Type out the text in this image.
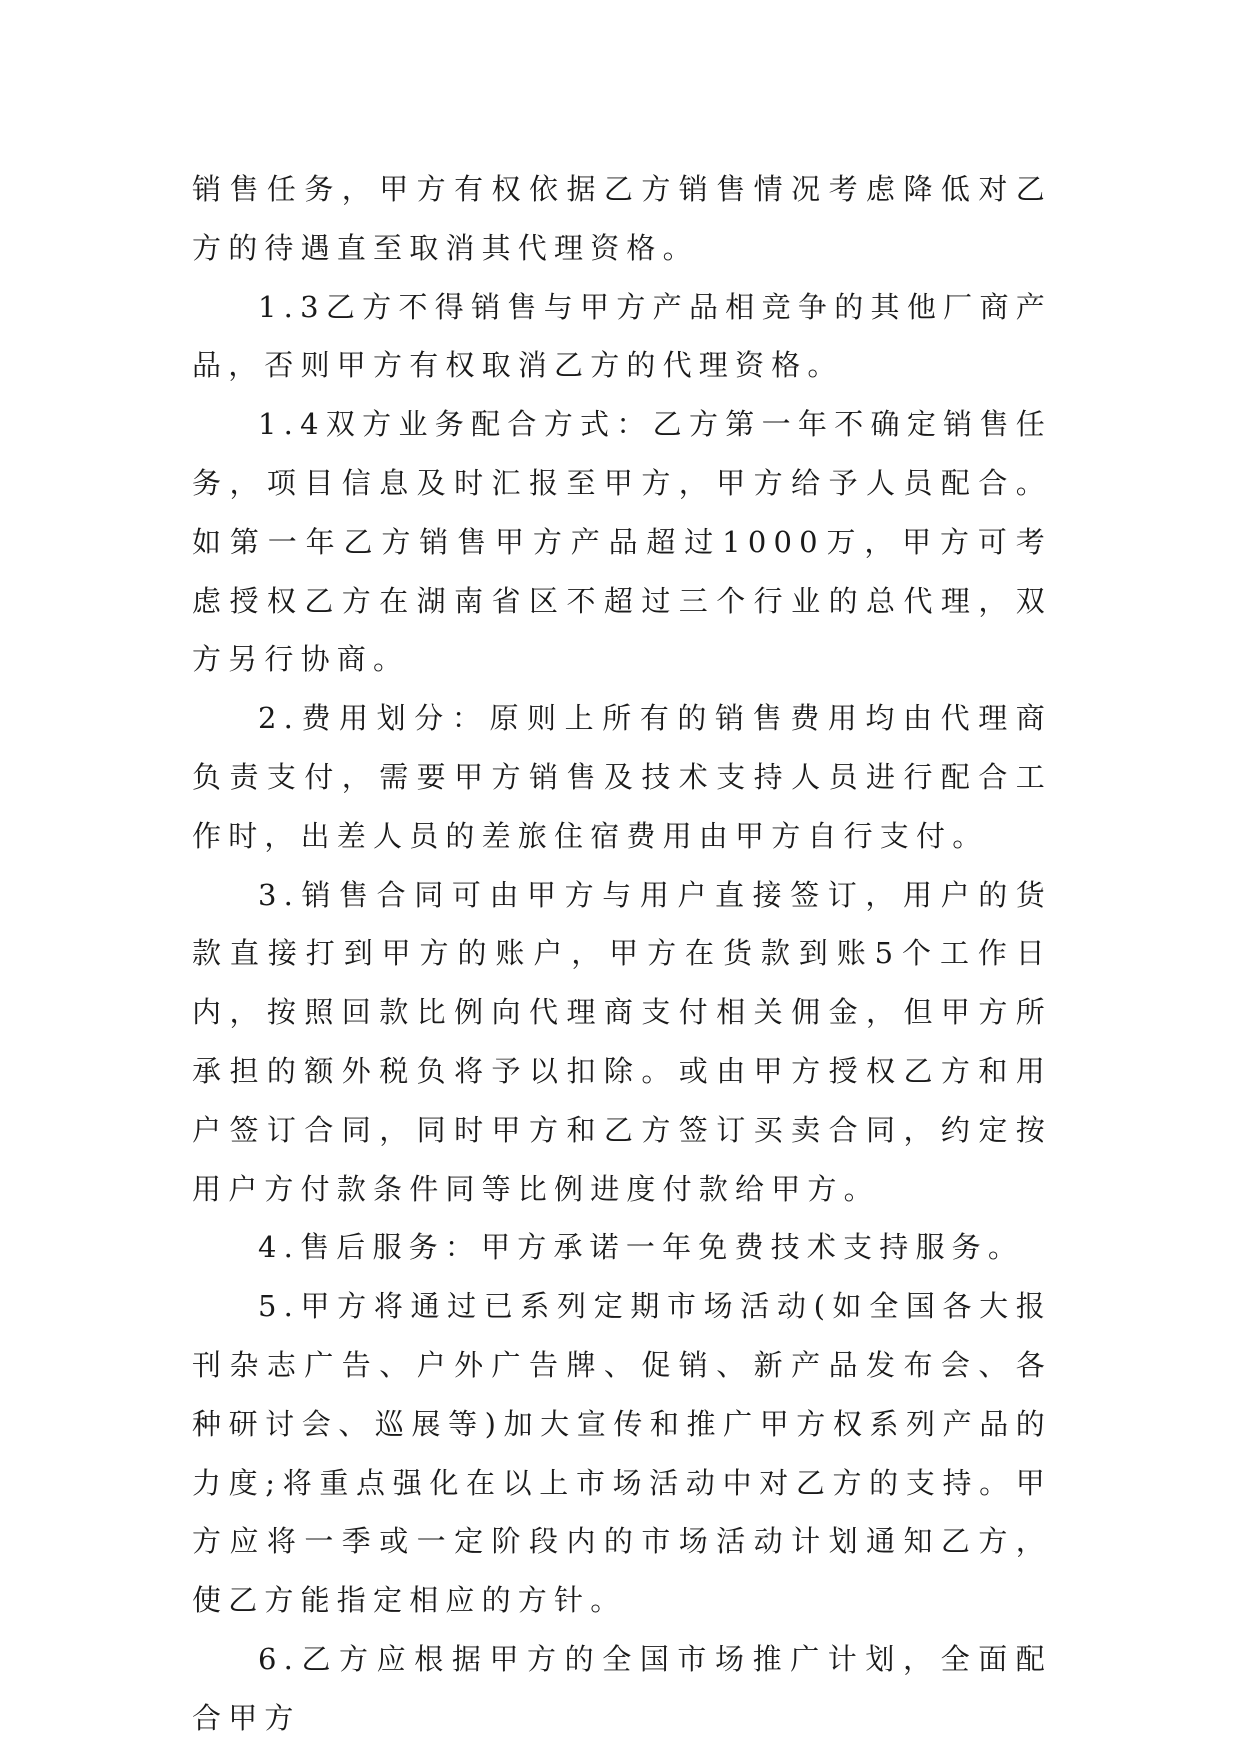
销售任务，甲方有权依据乙方销售情况考虑降低对乙方的待遇直至取消其代理资格。

1.3乙方不得销售与甲方产品相竞争的其他厂商产品，否则甲方有权取消乙方的代理资格。

1.4双方业务配合方式：乙方第一年不确定销售任务，项目信息及时汇报至甲方，甲方给予人员配合。如第一年乙方销售甲方产品超过1000万，甲方可考虑授权乙方在湖南省区不超过三个行业的总代理，双方另行协商。

2.费用划分：原则上所有的销售费用均由代理商负责支付，需要甲方销售及技术支持人员进行配合工作时，出差人员的差旅住宿费用由甲方自行支付。

3.销售合同可由甲方与用户直接签订，用户的货款直接打到甲方的账户，甲方在货款到账5个工作日内，按照回款比例向代理商支付相关佣金，但甲方所承担的额外税负将予以扣除。或由甲方授权乙方和用户签订合同，同时甲方和乙方签订买卖合同，约定按用户方付款条件同等比例进度付款给甲方。

4.售后服务：甲方承诺一年免费技术支持服务。

5.甲方将通过已系列定期市场活动(如全国各大报刊杂志广告、户外广告牌、促销、新产品发布会、各种研讨会、巡展等)加大宣传和推广甲方权系列产品的力度;将重点强化在以上市场活动中对乙方的支持。甲方应将一季或一定阶段内的市场活动计划通知乙方，使乙方能指定相应的方针。

6.乙方应根据甲方的全国市场推广计划，全面配合甲方
